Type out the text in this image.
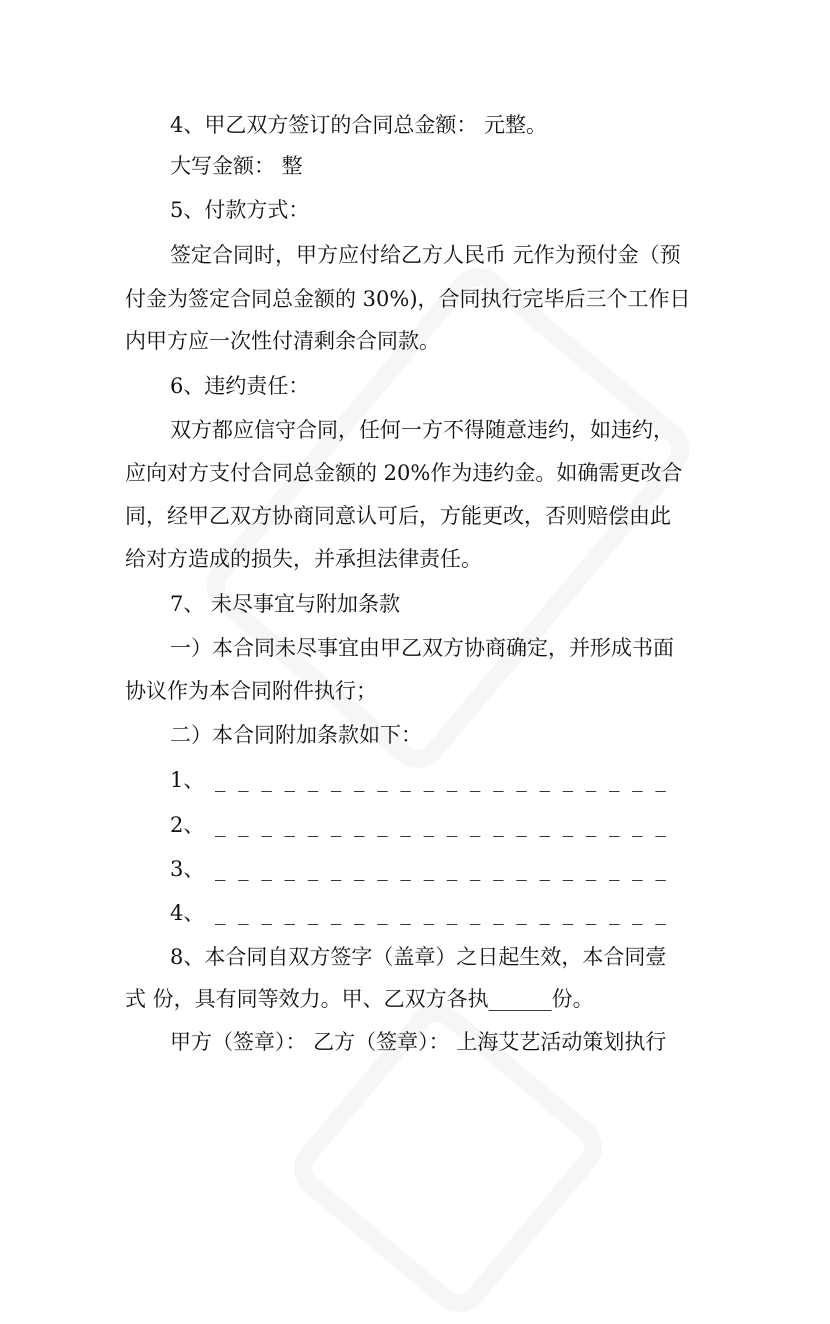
4、甲乙双方签订的合同总金额： 元整。
大写金额： 整
5、付款方式：
签定合同时，甲方应付给乙方人民币 元作为预付金（预
付金为签定合同总金额的 30%)，合同执行完毕后三个工作日
内甲方应一次性付清剩余合同款。
6、违约责任：
双方都应信守合同，任何一方不得随意违约，如违约，
应向对方支付合同总金额的 20%作为违约金。如确需更改合
同，经甲乙双方协商同意认可后，方能更改，否则赔偿由此
给对方造成的损失，并承担法律责任。
7、 未尽事宜与附加条款
一）本合同未尽事宜由甲乙双方协商确定，并形成书面
协议作为本合同附件执行；
二）本合同附加条款如下：
1、 _ _ _ _ _ _ _ _ _ _ _ _ _ _ _ _ _ _ _ _
2、 _ _ _ _ _ _ _ _ _ _ _ _ _ _ _ _ _ _ _ _
3、 _ _ _ _ _ _ _ _ _ _ _ _ _ _ _ _ _ _ _ _
4、 _ _ _ _ _ _ _ _ _ _ _ _ _ _ _ _ _ _ _ _
8、本合同自双方签字（盖章）之日起生效，本合同壹
式 份，具有同等效力。甲、乙双方各执______份。
甲方（签章）： 乙方（签章）： 上海艾艺活动策划执行
